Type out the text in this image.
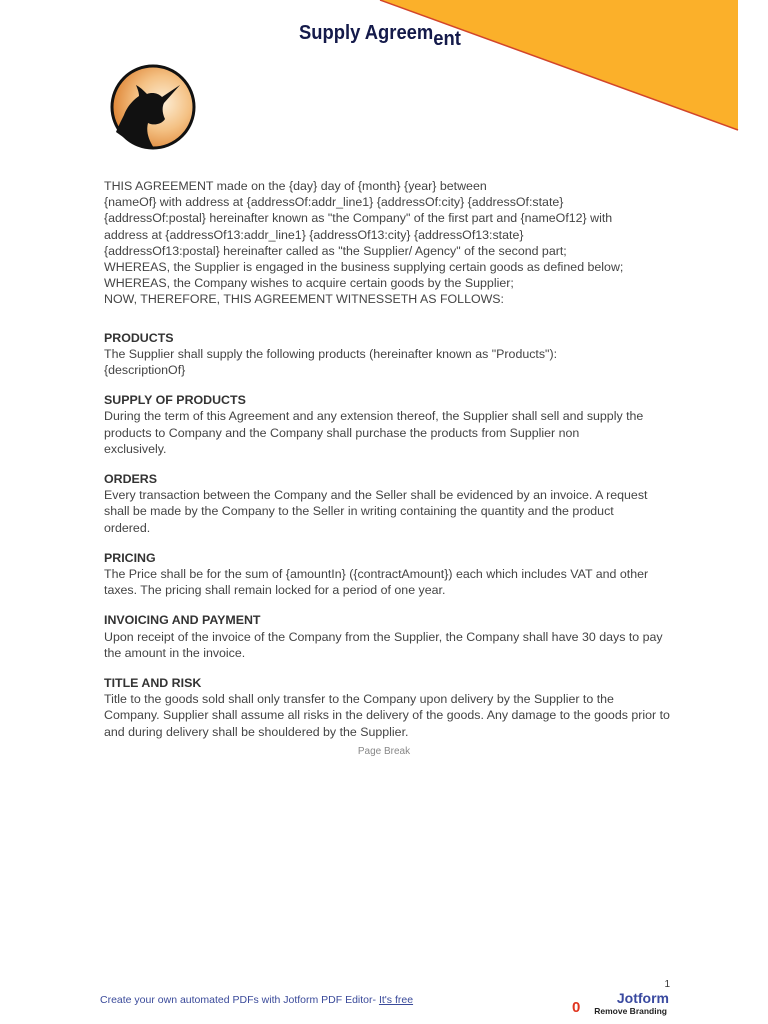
Supply Agreement

THIS AGREEMENT made on the {day} day of {month} {year} between

{nameOf} with address at {addressOf:addr_line1} {addressOf:city} {addressOf:state}

{addressOf:postal} hereinafter known as "the Company" of the first part and {nameOf12} with

address at {addressOf13:addr_line1} {addressOf13:city} {addressOf13:state}

{addressOf13:postal} hereinafter called as "the Supplier/ Agency" of the second part;

WHEREAS, the Supplier is engaged in the business supplying certain goods as defined below;

WHEREAS, the Company wishes to acquire certain goods by the Supplier;

NOW, THEREFORE, THIS AGREEMENT WITNESSETH AS FOLLOWS:

PRODUCTS

The Supplier shall supply the following products (hereinafter known as "Products"): {descriptionOf}

SUPPLY OF PRODUCTS

During the term of this Agreement and any extension thereof, the Supplier shall sell and supply the products to Company and the Company shall purchase the products from Supplier non exclusively.

ORDERS

Every transaction between the Company and the Seller shall be evidenced by an invoice. A request shall be made by the Company to the Seller in writing containing the quantity and the product ordered.

PRICING

The Price shall be for the sum of {amountIn} ({contractAmount}) each which includes VAT and other taxes. The pricing shall remain locked for a period of one year.

INVOICING AND PAYMENT

Upon receipt of the invoice of the Company from the Supplier, the Company shall have 30 days to pay the amount in the invoice.

TITLE AND RISK

Title to the goods sold shall only transfer to the Company upon delivery by the Supplier to the Company. Supplier shall assume all risks in the delivery of the goods. Any damage to the goods prior to and during delivery shall be shouldered by the Supplier.

Page Break
1
Create your own automated PDFs with Jotform PDF Editor- It's free	0
Jotform
Remove Branding
